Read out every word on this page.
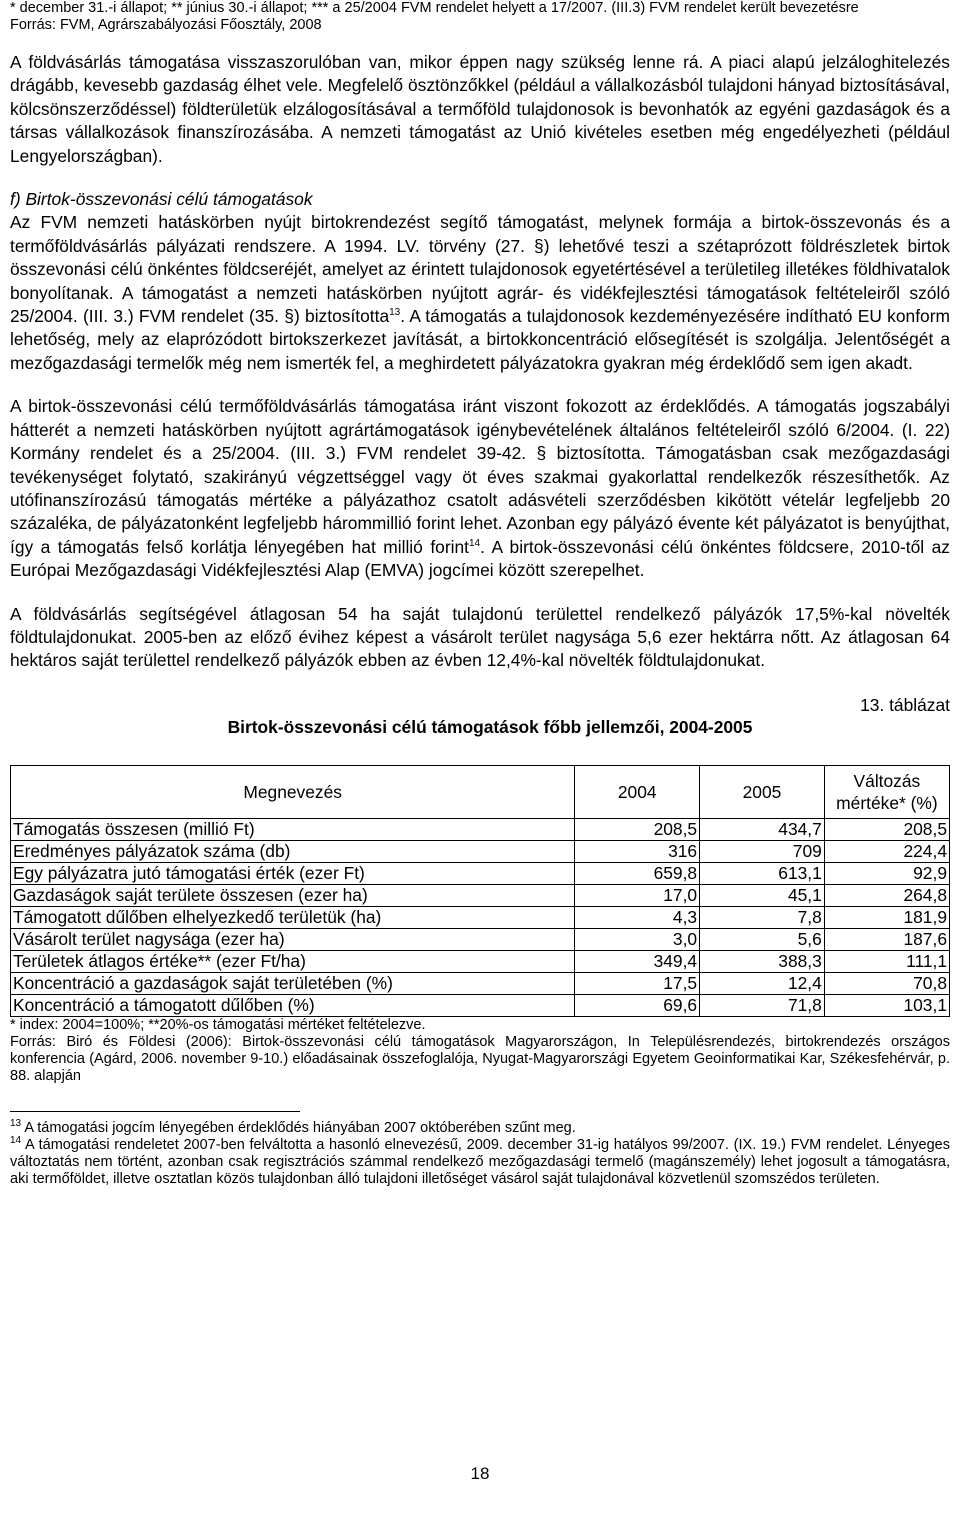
* december 31.-i állapot; ** június 30.-i állapot; *** a 25/2004 FVM rendelet helyett a 17/2007. (III.3) FVM rendelet került bevezetésre

Forrás: FVM, Agrárszabályozási Főosztály, 2008

A földvásárlás támogatása visszaszorulóban van, mikor éppen nagy szükség lenne rá. A piaci alapú jelzáloghitelezés drágább, kevesebb gazdaság élhet vele. Megfelelő ösztönzőkkel (például a vállalkozásból tulajdoni hányad biztosításával, kölcsönszerződéssel) földterületük elzálogosításával a termőföld tulajdonosok is bevonhatók az egyéni gazdaságok és a társas vállalkozások finanszírozásába. A nemzeti támogatást az Unió kivételes esetben még engedélyezheti (például Lengyelországban).

f) Birtok-összevonási célú támogatások

Az FVM nemzeti hatáskörben nyújt birtokrendezést segítő támogatást, melynek formája a birtok-összevonás és a termőföldvásárlás pályázati rendszere. A 1994. LV. törvény (27. §) lehetővé teszi a szétaprózott földrészletek birtok összevonási célú önkéntes földcseréjét, amelyet az érintett tulajdonosok egyetértésével a területileg illetékes földhivatalok bonyolítanak. A támogatást a nemzeti hatáskörben nyújtott agrár- és vidékfejlesztési támogatások feltételeiről szóló 25/2004. (III. 3.) FVM rendelet (35. §) biztosította$^{13}$. A támogatás a tulajdonosok kezdeményezésére indítható EU konform lehetőség, mely az elaprózódott birtokszerkezet javítását, a birtokkoncentráció elősegítését is szolgálja. Jelentőségét a mezőgazdasági termelők még nem ismerték fel, a meghirdetett pályázatokra gyakran még érdeklődő sem igen akadt.

A birtok-összevonási célú termőföldvásárlás támogatása iránt viszont fokozott az érdeklődés. A támogatás jogszabályi hátterét a nemzeti hatáskörben nyújtott agrártámogatások igénybevételének általános feltételeiről szóló 6/2004. (I. 22) Kormány rendelet és a 25/2004. (III. 3.) FVM rendelet 39-42. § biztosította. Támogatásban csak mezőgazdasági tevékenységet folytató, szakirányú végzettséggel vagy öt éves szakmai gyakorlattal rendelkezők részesíthetők. Az utófinanszírozású támogatás mértéke a pályázathoz csatolt adásvételi szerződésben kikötött vételár legfeljebb 20 százaléka, de pályázatonként legfeljebb hárommillió forint lehet. Azonban egy pályázó évente két pályázatot is benyújthat, így a támogatás felső korlátja lényegében hat millió forint$^{14}$. A birtok-összevonási célú önkéntes földcsere, 2010-től az Európai Mezőgazdasági Vidékfejlesztési Alap (EMVA) jogcímei között szerepelhet.

A földvásárlás segítségével átlagosan 54 ha saját tulajdonú területtel rendelkező pályázók 17,5%-kal növelték földtulajdonukat. 2005-ben az előző évihez képest a vásárolt terület nagysága 5,6 ezer hektárra nőtt. Az átlagosan 64 hektáros saját területtel rendelkező pályázók ebben az évben 12,4%-kal növelték földtulajdonukat.

13. táblázat
Birtok-összevonási célú támogatások főbb jellemzői, 2004-2005
Megnevezés	2004	2005	Változás mértéke* (%)
Támogatás összesen (millió Ft)	208,5	434,7	208,5
Eredményes pályázatok száma (db)	316	709	224,4
Egy pályázatra jutó támogatási érték (ezer Ft)	659,8	613,1	92,9
Gazdaságok saját területe összesen (ezer ha)	17,0	45,1	264,8
Támogatott dűlőben elhelyezkedő területük (ha)	4,3	7,8	181,9
Vásárolt terület nagysága (ezer ha)	3,0	5,6	187,6
Területek átlagos értéke** (ezer Ft/ha)	349,4	388,3	111,1
Koncentráció a gazdaságok saját területében (%)	17,5	12,4	70,8
Koncentráció a támogatott dűlőben (%)	69,6	71,8	103,1

* index: 2004=100%; **20%-os támogatási mértéket feltételezve.

Forrás: Biró és Földesi (2006): Birtok-összevonási célú támogatások Magyarországon, In Településrendezés, birtokrendezés országos konferencia (Agárd, 2006. november 9-10.) előadásainak összefoglalója, Nyugat-Magyarországi Egyetem Geoinformatikai Kar, Székesfehérvár, p. 88. alapján

$^{13}$ A támogatási jogcím lényegében érdeklődés hiányában 2007 októberében szűnt meg.

$^{14}$ A támogatási rendeletet 2007-ben felváltotta a hasonló elnevezésű, 2009. december 31-ig hatályos 99/2007. (IX. 19.) FVM rendelet. Lényeges változtatás nem történt, azonban csak regisztrációs számmal rendelkező mezőgazdasági termelő (magánszemély) lehet jogosult a támogatásra, aki termőföldet, illetve osztatlan közös tulajdonban álló tulajdoni illetőséget vásárol saját tulajdonával közvetlenül szomszédos területen.

18
